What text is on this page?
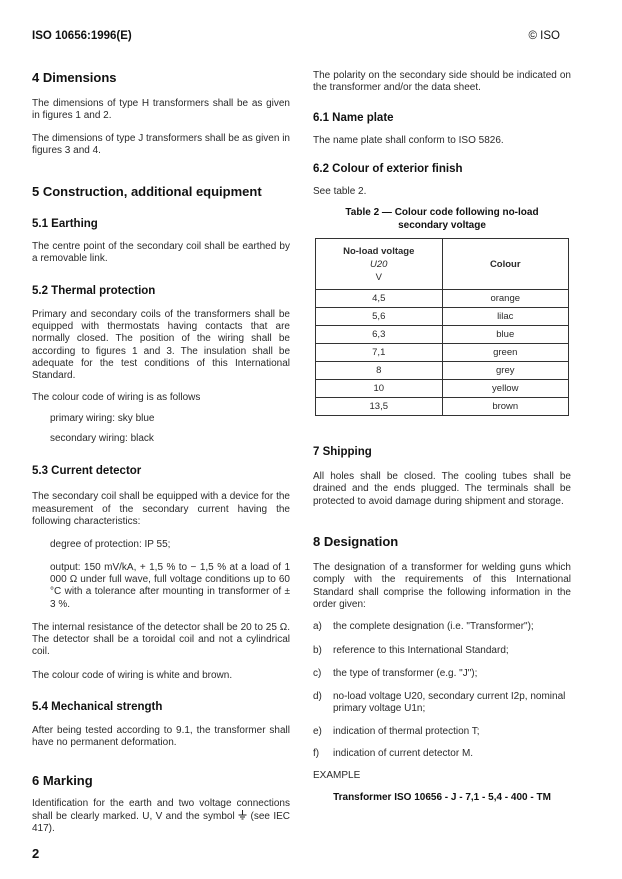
ISO 10656:1996(E)	© ISO
4 Dimensions

The dimensions of type H transformers shall be as given in figures 1 and 2.

The dimensions of type J transformers shall be as given in figures 3 and 4.

5 Construction, additional equipment
5.1 Earthing

The centre point of the secondary coil shall be earthed by a removable link.

5.2 Thermal protection

Primary and secondary coils of the transformers shall be equipped with thermostats having contacts that are normally closed. The position of the wiring shall be according to figures 1 and 3. The insulation shall be adequate for the test conditions of this International Standard.

The colour code of wiring is as follows

primary wiring: sky blue

secondary wiring: black

5.3 Current detector

The secondary coil shall be equipped with a device for the measurement of the secondary current having the following characteristics:

degree of protection: IP 55;

output: 150 mV/kA, + 1,5 % to − 1,5 % at a load of 1 000 Ω under full wave, full voltage conditions up to 60 °C with a tolerance after mounting in transformer of ± 3 %.

The internal resistance of the detector shall be 20 to 25 Ω. The detector shall be a toroidal coil and not a cylindrical coil.

The colour code of wiring is white and brown.

5.4 Mechanical strength

After being tested according to 9.1, the transformer shall have no permanent deformation.

6 Marking

Identification for the earth and two voltage connections shall be clearly marked. U, V and the symbol (see IEC 417).

The polarity on the secondary side should be indicated on the transformer and/or the data sheet.

6.1 Name plate

The name plate shall conform to ISO 5826.

6.2 Colour of exterior finish

See table 2.

Table 2 — Colour code following no-load
secondary voltage
No-load voltage
U20
V	Colour
4,5	orange
5,6	lilac
6,3	blue
7,1	green
8	grey
10	yellow
13,5	brown
7 Shipping

All holes shall be closed. The cooling tubes shall be drained and the ends plugged. The terminals shall be protected to avoid damage during shipment and storage.

8 Designation

The designation of a transformer for welding guns which comply with the requirements of this International Standard shall comprise the following information in the order given:

a)	the complete designation (i.e. "Transformer");
b)	reference to this International Standard;
c)	the type of transformer (e.g. "J");
d)	no-load voltage U20, secondary current I2p, nominal primary voltage U1n;
e)	indication of thermal protection T;
f)	indication of current detector M.

EXAMPLE

Transformer ISO 10656 - J - 7,1 - 5,4 - 400 - TM
2
